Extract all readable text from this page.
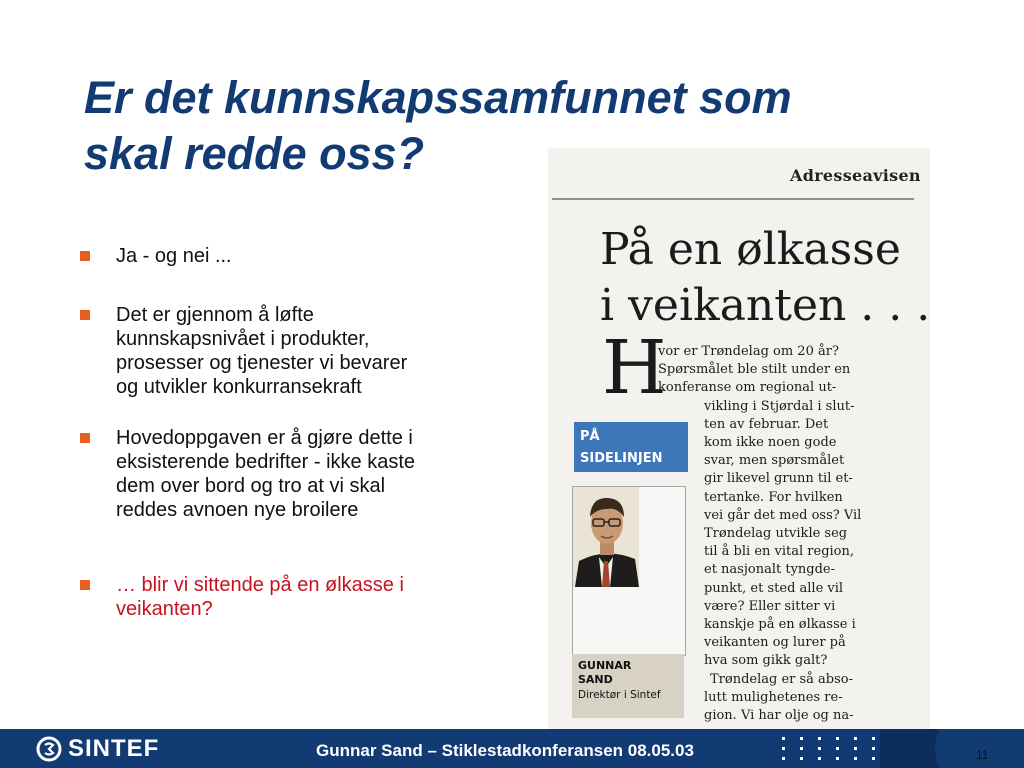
Er det kunnskapssamfunnet som
skal redde oss?
Ja - og nei ...
Det er gjennom å løfte
kunnskapsnivået i produkter,
prosesser og tjenester vi bevarer
og utvikler konkurransekraft
Hovedoppgaven er å gjøre dette i
eksisterende bedrifter - ikke kaste
dem over bord og tro at vi skal
reddes avnoen nye broilere
… blir vi sittende på en ølkasse i
veikanten?
Adresseavisen
På en ølkasse
i veikanten . . .
H
vor er Trøndelag om 20 år?
Spørsmålet ble stilt under en
konferanse om regional ut-
vikling i Stjørdal i slut-
ten av februar. Det
kom ikke noen gode
svar, men spørsmålet
gir likevel grunn til et-
tertanke. For hvilken
vei går det med oss? Vil
Trøndelag utvikle seg
til å bli en vital region,
et nasjonalt tyngde-
punkt, et sted alle vil
være? Eller sitter vi
kanskje på en ølkasse i
veikanten og lurer på
hva som gikk galt?
Trøndelag er så abso-
lutt mulighetenes re-
gion. Vi har olje og na-
PÅ
SIDELINJEN
GUNNAR
SAND
Direktør i Sintef
SINTEF	Gunnar Sand – Stiklestadkonferansen 08.05.03	11
